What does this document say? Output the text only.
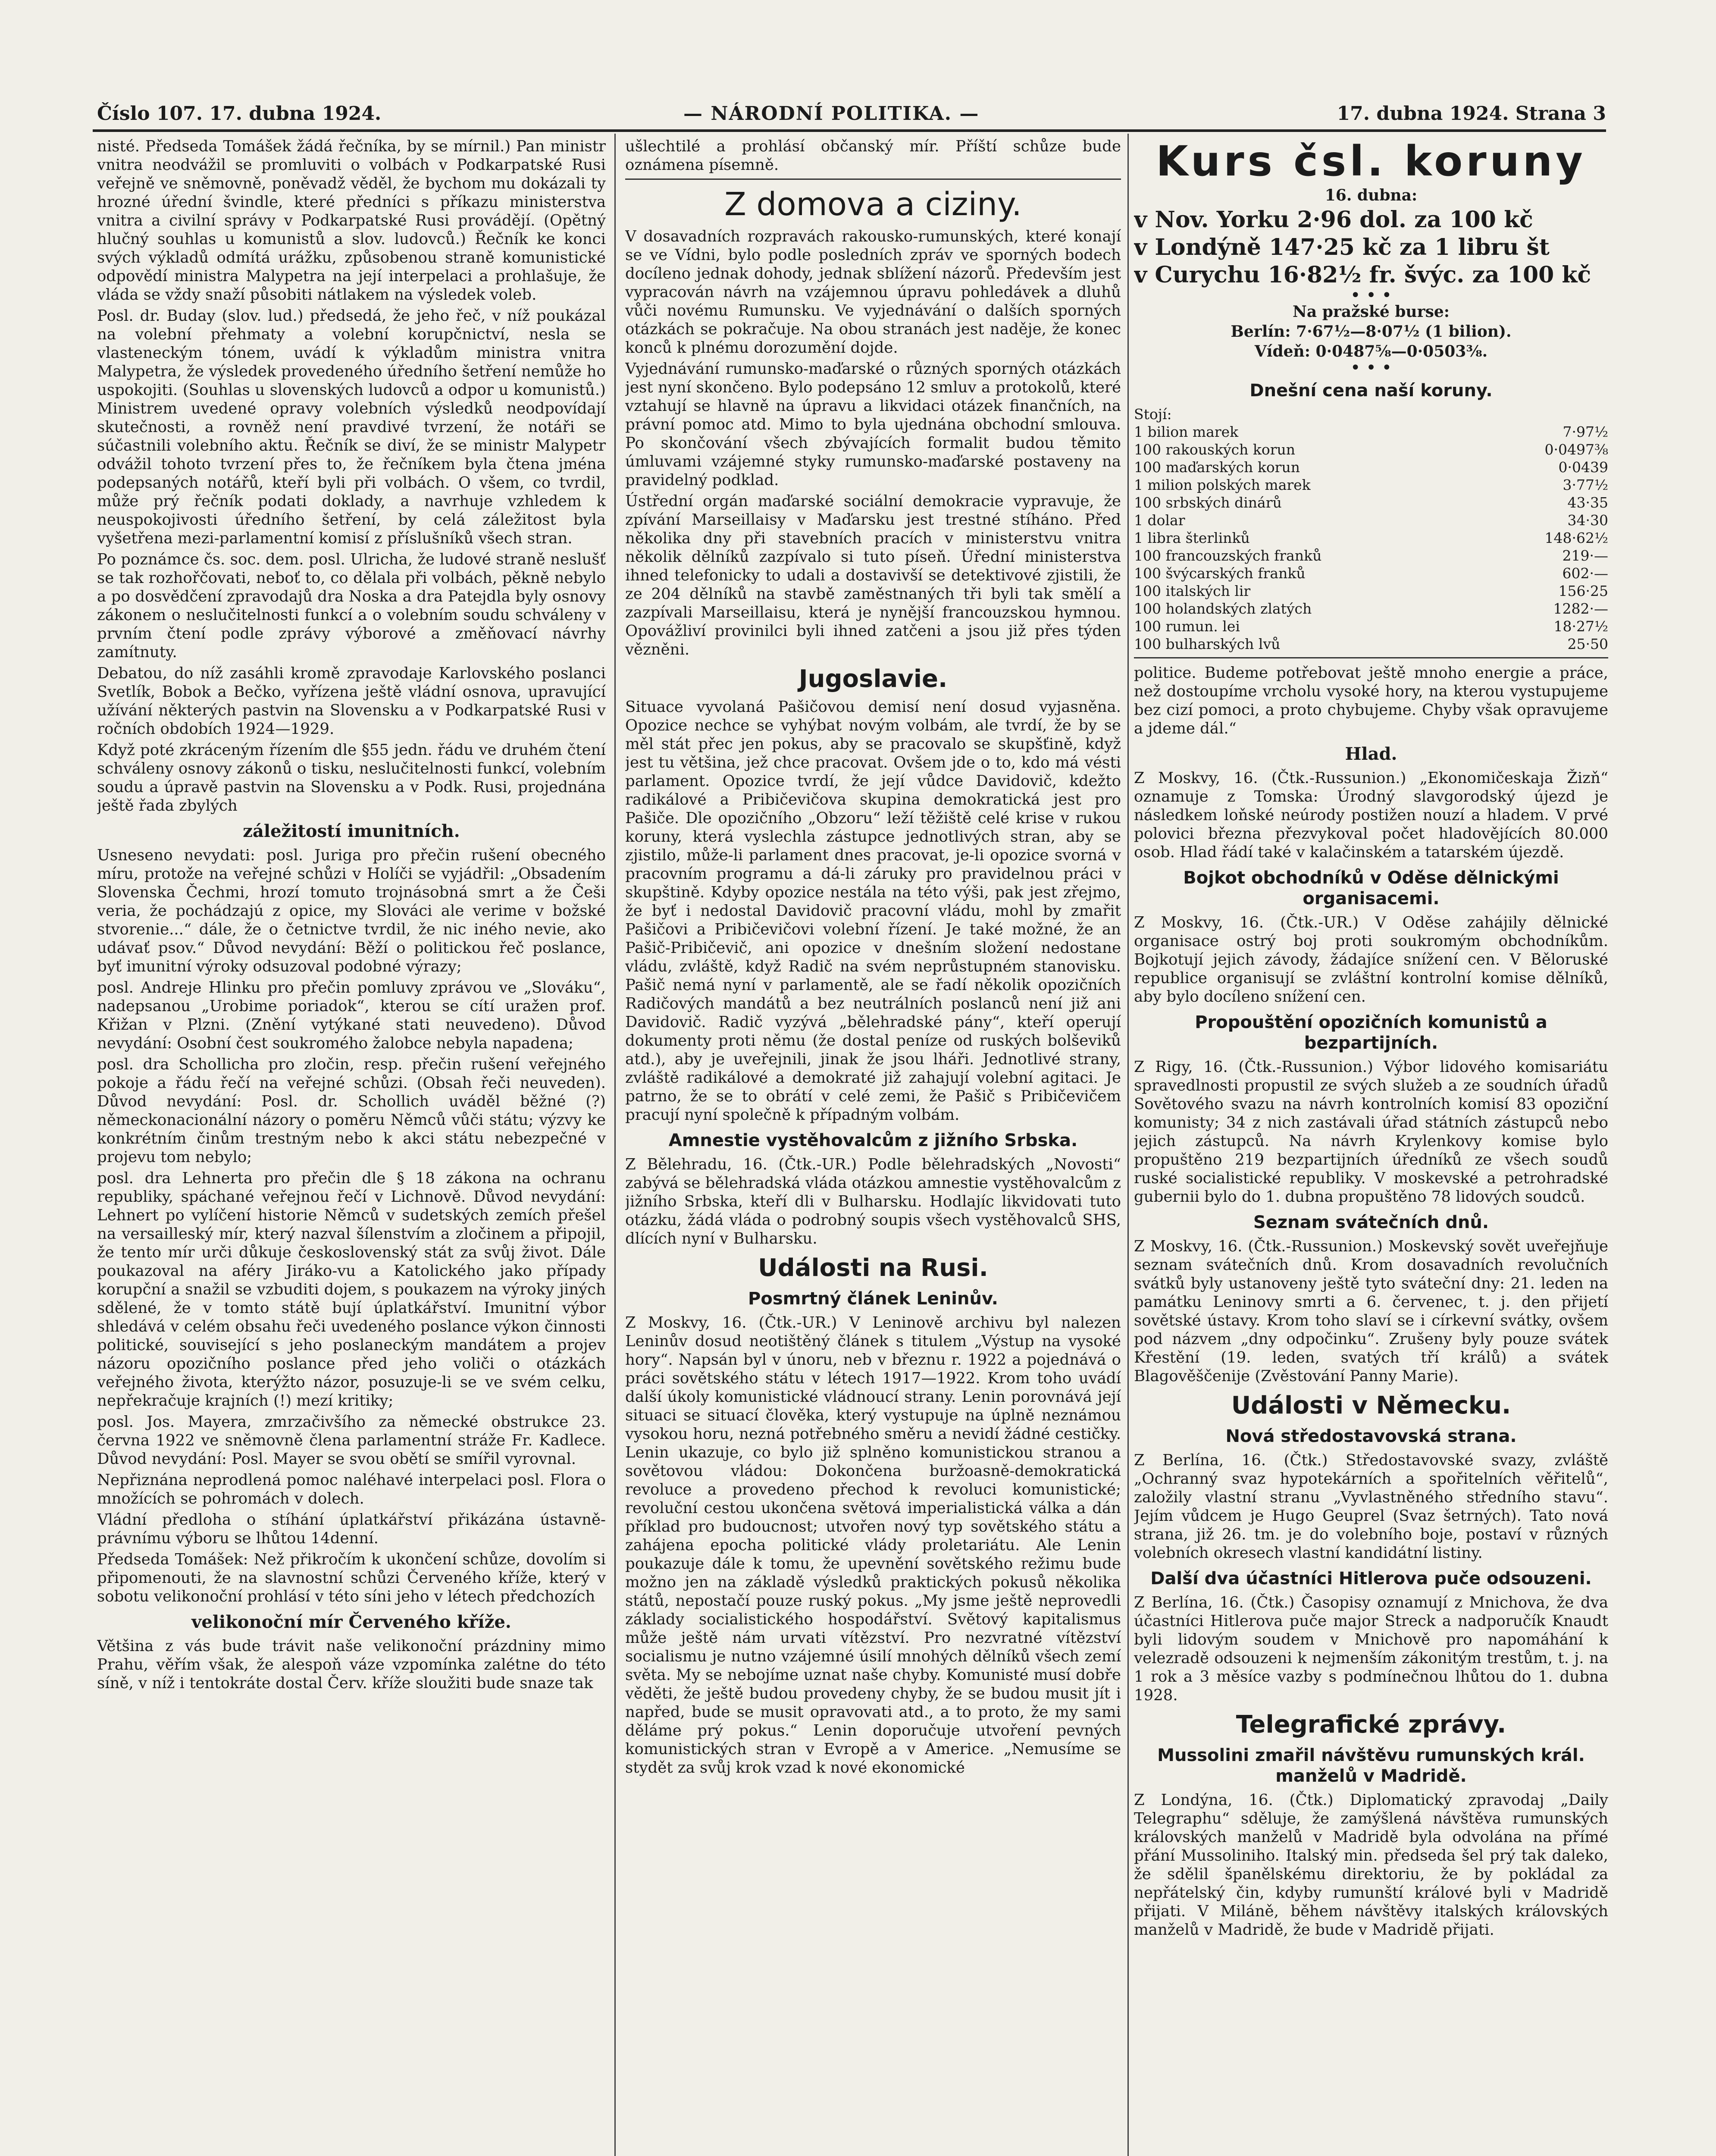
Číslo 107. 17. dubna 1924.	— NÁRODNÍ POLITIKA. —	17. dubna 1924. Strana 3

nisté. Předseda Tomášek žádá řečníka, by se mírnil.) Pan ministr vnitra neodvážil se promluviti o volbách v Podkarpatské Rusi veřejně ve sněmovně, poněvadž věděl, že bychom mu dokázali ty hrozné úřední švindle, které předníci s příkazu ministerstva vnitra a civilní správy v Podkarpatské Rusi provádějí. (Opětný hlučný souhlas u komunistů a slov. ludovců.) Řečník ke konci svých výkladů odmítá urážku, způsobenou straně komunistické odpovědí ministra Malypetra na její interpelaci a prohlašuje, že vláda se vždy snaží působiti nátlakem na výsledek voleb.

Posl. dr. Buday (slov. lud.) předsedá, že jeho řeč, v níž poukázal na volební přehmaty a volební korupčnictví, nesla se vlasteneckým tónem, uvádí k výkladům ministra vnitra Malypetra, že výsledek provedeného úředního šetření nemůže ho uspokojiti. (Souhlas u slovenských ludovců a odpor u komunistů.) Ministrem uvedené opravy volebních výsledků neodpovídají skutečnosti, a rovněž není pravdivé tvrzení, že notáři se súčastnili volebního aktu. Řečník se diví, že se ministr Malypetr odvážil tohoto tvrzení přes to, že řečníkem byla čtena jména podepsaných notářů, kteří byli při volbách. O všem, co tvrdil, může prý řečník podati doklady, a navrhuje vzhledem k neuspokojivosti úředního šetření, by celá záležitost byla vyšetřena mezi-parlamentní komisí z příslušníků všech stran.

Po poznámce čs. soc. dem. posl. Ulricha, že ludové straně neslušť se tak rozhořčovati, neboť to, co dělala při volbách, pěkně nebylo a po dosvědčení zpravodajů dra Noska a dra Patejdla byly osnovy zákonem o neslučitelnosti funkcí a o volebním soudu schváleny v prvním čtení podle zprávy výborové a změňovací návrhy zamítnuty.

Debatou, do níž zasáhli kromě zpravodaje Karlovského poslanci Svetlík, Bobok a Bečko, vyřízena ještě vládní osnova, upravující užívání některých pastvin na Slovensku a v Podkarpatské Rusi v ročních obdobích 1924—1929.

Když poté zkráceným řízením dle §55 jedn. řádu ve druhém čtení schváleny osnovy zákonů o tisku, neslučitelnosti funkcí, volebním soudu a úpravě pastvin na Slovensku a v Podk. Rusi, projednána ještě řada zbylých

záležitostí imunitních.

Usneseno nevydati: posl. Juriga pro přečin rušení obecného míru, protože na veřejné schůzi v Holíči se vyjádřil: „Obsadením Slovenska Čechmi, hrozí tomuto trojnásobná smrt a že Češi veria, že pochádzajú z opice, my Slováci ale verime v božské stvorenie...“ dále, že o četnictve tvrdil, že nic iného nevie, ako udávať psov.“ Důvod nevydání: Běží o politickou řeč poslance, byť imunitní výroky odsuzoval podobné výrazy;

posl. Andreje Hlinku pro přečin pomluvy zprávou ve „Slováku“, nadepsanou „Urobime poriadok“, kterou se cítí uražen prof. Křižan v Plzni. (Znění vytýkané stati neuvedeno). Důvod nevydání: Osobní čest soukromého žalobce nebyla napadena;

posl. dra Schollicha pro zločin, resp. přečin rušení veřejného pokoje a řádu řečí na veřejné schůzi. (Obsah řeči neuveden). Důvod nevydání: Posl. dr. Schollich uváděl běžné (?) německonacionální názory o poměru Němců vůči státu; výzvy ke konkrétním činům trestným nebo k akci státu nebezpečné v projevu tom nebylo;

posl. dra Lehnerta pro přečin dle § 18 zákona na ochranu republiky, spáchané veřejnou řečí v Lichnově. Důvod nevydání: Lehnert po vylíčení historie Němců v sudetských zemích přešel na versailleský mír, který nazval šílenstvím a zločinem a připojil, že tento mír urči důkuje československý stát za svůj život. Dále poukazoval na aféry Jiráko-vu a Katolického jako případy korupční a snažil se vzbuditi dojem, s poukazem na výroky jiných sdělené, že v tomto státě bují úplatkářství. Imunitní výbor shledává v celém obsahu řeči uvedeného poslance výkon činnosti politické, související s jeho poslaneckým mandátem a projev názoru opozičního poslance před jeho voliči o otázkách veřejného života, kterýžto názor, posuzuje-li se ve svém celku, nepřekračuje krajních (!) mezí kritiky;

posl. Jos. Mayera, zmrzačivšího za německé obstrukce 23. června 1922 ve sněmovně člena parlamentní stráže Fr. Kadlece. Důvod nevydání: Posl. Mayer se svou obětí se smířil vyrovnal.

Nepřiznána neprodlená pomoc naléhavé interpelaci posl. Flora o množících se pohromách v dolech.

Vládní předloha o stíhání úplatkářství přikázána ústavně-právnímu výboru se lhůtou 14denní.

Předseda Tomášek: Než přikročím k ukončení schůze, dovolím si připomenouti, že na slavnostní schůzi Červeného kříže, který v sobotu velikonoční prohlásí v této síni jeho v létech předchozích

velikonoční mír Červeného kříže.

Většina z vás bude trávit naše velikonoční prázdniny mimo Prahu, věřím však, že alespoň váze vzpomínka zalétne do této síně, v níž i tentokráte dostal Červ. kříže sloužiti bude snaze tak

ušlechtilé a prohlásí občanský mír. Příští schůze bude oznámena písemně.

Z domova a ciziny.

V dosavadních rozpravách rakousko-rumunských, které konají se ve Vídni, bylo podle posledních zpráv ve sporných bodech docíleno jednak dohody, jednak sblížení názorů. Především jest vypracován návrh na vzájemnou úpravu pohledávek a dluhů vůči novému Rumunsku. Ve vyjednávání o dalších sporných otázkách se pokračuje. Na obou stranách jest naděje, že konec konců k plnému dorozumění dojde.

Vyjednávání rumunsko-maďarské o různých sporných otázkách jest nyní skončeno. Bylo podepsáno 12 smluv a protokolů, které vztahují se hlavně na úpravu a likvidaci otázek finančních, na právní pomoc atd. Mimo to byla ujednána obchodní smlouva. Po skončování všech zbývajících formalit budou těmito úmluvami vzájemné styky rumunsko-maďarské postaveny na pravidelný podklad.

Ústřední orgán maďarské sociální demokracie vypravuje, že zpívání Marseillaisy v Maďarsku jest trestné stíháno. Před několika dny při stavebních pracích v ministerstvu vnitra několik dělníků zazpívalo si tuto píseň. Úřední ministerstva ihned telefonicky to udali a dostavivší se detektivové zjistili, že ze 204 dělníků na stavbě zaměstnaných tři byli tak smělí a zazpívali Marseillaisu, která je nynější francouzskou hymnou. Opovážliví provinilci byli ihned zatčeni a jsou již přes týden vězněni.

Jugoslavie.

Situace vyvolaná Pašičovou demisí není dosud vyjasněna. Opozice nechce se vyhýbat novým volbám, ale tvrdí, že by se měl stát přec jen pokus, aby se pracovalo se skupšťině, když jest tu většina, jež chce pracovat. Ovšem jde o to, kdo má vésti parlament. Opozice tvrdí, že její vůdce Davidovič, kdežto radikálové a Pribičevičova skupina demokratická jest pro Pašiče. Dle opozičního „Obzoru“ leží těžiště celé krise v rukou koruny, která vyslechla zástupce jednotlivých stran, aby se zjistilo, může-li parlament dnes pracovat, je-li opozice svorná v pracovním programu a dá-li záruky pro pravidelnou práci v skupštině. Kdyby opozice nestála na této výši, pak jest zřejmo, že byť i nedostal Davidovič pracovní vládu, mohl by zmařit Pašičovi a Pribičevičovi volební řízení. Je také možné, že an Pašič-Pribičevič, ani opozice v dnešním složení nedostane vládu, zvláště, když Radič na svém neprůstupném stanovisku. Pašič nemá nyní v parlamentě, ale se řadí několik opozičních Radičových mandátů a bez neutrálních poslanců není již ani Davidovič. Radič vyzývá „bělehradské pány“, kteří operují dokumenty proti němu (že dostal peníze od ruských bolševiků atd.), aby je uveřejnili, jinak že jsou lháři. Jednotlivé strany, zvláště radikálové a demokraté již zahajují volební agitaci. Je patrno, že se to obrátí v celé zemi, že Pašič s Pribičevičem pracují nyní společně k případným volbám.

Amnestie vystěhovalcům z jižního Srbska.

Z Bělehradu, 16. (Čtk.-UR.) Podle bělehradských „Novosti“ zabývá se bělehradská vláda otázkou amnestie vystěhovalcům z jižního Srbska, kteří dli v Bulharsku. Hodlajíc likvidovati tuto otázku, žádá vláda o podrobný soupis všech vystěhovalců SHS, dlících nyní v Bulharsku.

Události na Rusi.
Posmrtný článek Leninův.

Z Moskvy, 16. (Čtk.-UR.) V Leninově archivu byl nalezen Leninův dosud neotištěný článek s titulem „Výstup na vysoké hory“. Napsán byl v únoru, neb v březnu r. 1922 a pojednává o práci sovětského státu v létech 1917—1922. Krom toho uvádí další úkoly komunistické vládnoucí strany. Lenin porovnává její situaci se situací člověka, který vystupuje na úplně neznámou vysokou horu, nezná potřebného směru a nevidí žádné cestičky. Lenin ukazuje, co bylo již splněno komunistickou stranou a sovětovou vládou: Dokončena buržoasně-demokratická revoluce a provedeno přechod k revoluci komunistické; revoluční cestou ukončena světová imperialistická válka a dán příklad pro budoucnost; utvořen nový typ sovětského státu a zahájena epocha politické vlády proletariátu. Ale Lenin poukazuje dále k tomu, že upevnění sovětského režimu bude možno jen na základě výsledků praktických pokusů několika států, nepostačí pouze ruský pokus. „My jsme ještě neprovedli základy socialistického hospodářství. Světový kapitalismus může ještě nám urvati vítězství. Pro nezvratné vítězství socialismu je nutno vzájemné úsilí mnohých dělníků všech zemí světa. My se nebojíme uznat naše chyby. Komunisté musí dobře věděti, že ještě budou provedeny chyby, že se budou musit jít i napřed, bude se musit opravovati atd., a to proto, že my sami děláme prý pokus.“ Lenin doporučuje utvoření pevných komunistických stran v Evropě a v Americe. „Nemusíme se stydět za svůj krok vzad k nové ekonomické

Kurs čsl. koruny
16. dubna:
v Nov. Yorku 2·96 dol. za 100 kč
v Londýně 147·25 kč za 1 libru št
v Curychu 16·82½ fr. švýc. za 100 kč
• • •
Na pražské burse:
Berlín: 7·67½—8·07½ (1 bilion).
Vídeň: 0·0487⅝—0·0503⅜.
• • •
Dnešní cena naší koruny.
Stojí:
1 bilion marek	7·97½
100 rakouských korun	0·0497⅜
100 maďarských korun	0·0439
1 milion polských marek	3·77½
100 srbských dinárů	43·35
1 dolar	34·30
1 libra šterlinků	148·62½
100 francouzských franků	219·—
100 švýcarských franků	602·—
100 italských lir	156·25
100 holandských zlatých	1282·—
100 rumun. lei	18·27½
100 bulharských lvů	25·50

politice. Budeme potřebovat ještě mnoho energie a práce, než dostoupíme vrcholu vysoké hory, na kterou vystupujeme bez cizí pomoci, a proto chybujeme. Chyby však opravujeme a jdeme dál.“

Hlad.

Z Moskvy, 16. (Čtk.-Russunion.) „Ekonomičeskaja Žizň“ oznamuje z Tomska: Úrodný slavgorodský újezd je následkem loňské neúrody postižen nouzí a hladem. V prvé polovici března přezvykoval počet hladovějících 80.000 osob. Hlad řádí také v kalačinském a tatarském újezdě.

Bojkot obchodníků v Oděse dělnickými organisacemi.

Z Moskvy, 16. (Čtk.-UR.) V Oděse zahájily dělnické organisace ostrý boj proti soukromým obchodníkům. Bojkotují jejich závody, žádajíce snížení cen. V Běloruské republice organisují se zvláštní kontrolní komise dělníků, aby bylo docíleno snížení cen.

Propouštění opozičních komunistů a bezpartijních.

Z Rigy, 16. (Čtk.-Russunion.) Výbor lidového komisariátu spravedlnosti propustil ze svých služeb a ze soudních úřadů Sovětového svazu na návrh kontrolních komisí 83 opoziční komunisty; 34 z nich zastávali úřad státních zástupců nebo jejich zástupců. Na návrh Krylenkovy komise bylo propuštěno 219 bezpartijních úředníků ze všech soudů ruské socialistické republiky. V moskevské a petrohradské gubernii bylo do 1. dubna propuštěno 78 lidových soudců.

Seznam svátečních dnů.

Z Moskvy, 16. (Čtk.-Russunion.) Moskevský sovět uveřejňuje seznam svátečních dnů. Krom dosavadních revolučních svátků byly ustanoveny ještě tyto sváteční dny: 21. leden na památku Leninovy smrti a 6. červenec, t. j. den přijetí sovětské ústavy. Krom toho slaví se i církevní svátky, ovšem pod názvem „dny odpočinku“. Zrušeny byly pouze svátek Křestění (19. leden, svatých tří králů) a svátek Blagověščenije (Zvěstování Panny Marie).

Události v Německu.
Nová středostavovská strana.

Z Berlína, 16. (Čtk.) Středostavovské svazy, zvláště „Ochranný svaz hypotekárních a spořitelních věřitelů“, založily vlastní stranu „Vyvlastněného středního stavu“. Jejím vůdcem je Hugo Geuprel (Svaz šetrných). Tato nová strana, již 26. tm. je do volebního boje, postaví v různých volebních okresech vlastní kandidátní listiny.

Další dva účastníci Hitlerova puče odsouzeni.

Z Berlína, 16. (Čtk.) Časopisy oznamují z Mnichova, že dva účastníci Hitlerova puče major Streck a nadporučík Knaudt byli lidovým soudem v Mnichově pro napomáhání k velezradě odsouzeni k nejmenším zákonitým trestům, t. j. na 1 rok a 3 měsíce vazby s podmínečnou lhůtou do 1. dubna 1928.

Telegrafické zprávy.
Mussolini zmařil návštěvu rumunských král. manželů v Madridě.

Z Londýna, 16. (Čtk.) Diplomatický zpravodaj „Daily Telegraphu“ sděluje, že zamýšlená návštěva rumunských královských manželů v Madridě byla odvolána na přímé přání Mussoliniho. Italský min. předseda šel prý tak daleko, že sdělil španělskému direktoriu, že by pokládal za nepřátelský čin, kdyby rumunští králové byli v Madridě přijati. V Miláně, během návštěvy italských královských manželů v Madridě, že bude v Madridě přijati.
